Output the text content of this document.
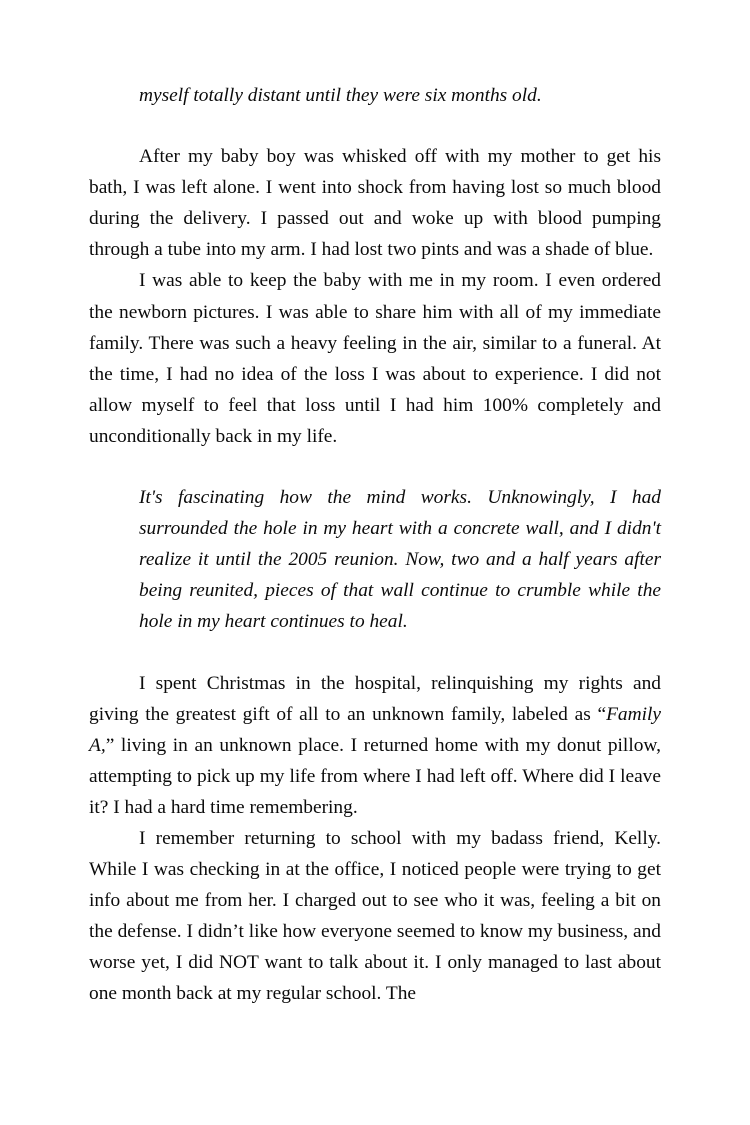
myself totally distant until they were six months old.

After my baby boy was whisked off with my mother to get his bath, I was left alone. I went into shock from having lost so much blood during the delivery. I passed out and woke up with blood pumping through a tube into my arm. I had lost two pints and was a shade of blue.

I was able to keep the baby with me in my room. I even ordered the newborn pictures. I was able to share him with all of my immediate family. There was such a heavy feeling in the air, similar to a funeral. At the time, I had no idea of the loss I was about to experience. I did not allow myself to feel that loss until I had him 100% completely and unconditionally back in my life.

It's fascinating how the mind works. Unknowingly, I had surrounded the hole in my heart with a concrete wall, and I didn't realize it until the 2005 reunion. Now, two and a half years after being reunited, pieces of that wall continue to crumble while the hole in my heart continues to heal.

I spent Christmas in the hospital, relinquishing my rights and giving the greatest gift of all to an unknown family, labeled as “Family A,” living in an unknown place. I returned home with my donut pillow, attempting to pick up my life from where I had left off. Where did I leave it? I had a hard time remembering.

I remember returning to school with my badass friend, Kelly. While I was checking in at the office, I noticed people were trying to get info about me from her. I charged out to see who it was, feeling a bit on the defense. I didn’t like how everyone seemed to know my business, and worse yet, I did NOT want to talk about it. I only managed to last about one month back at my regular school. The
